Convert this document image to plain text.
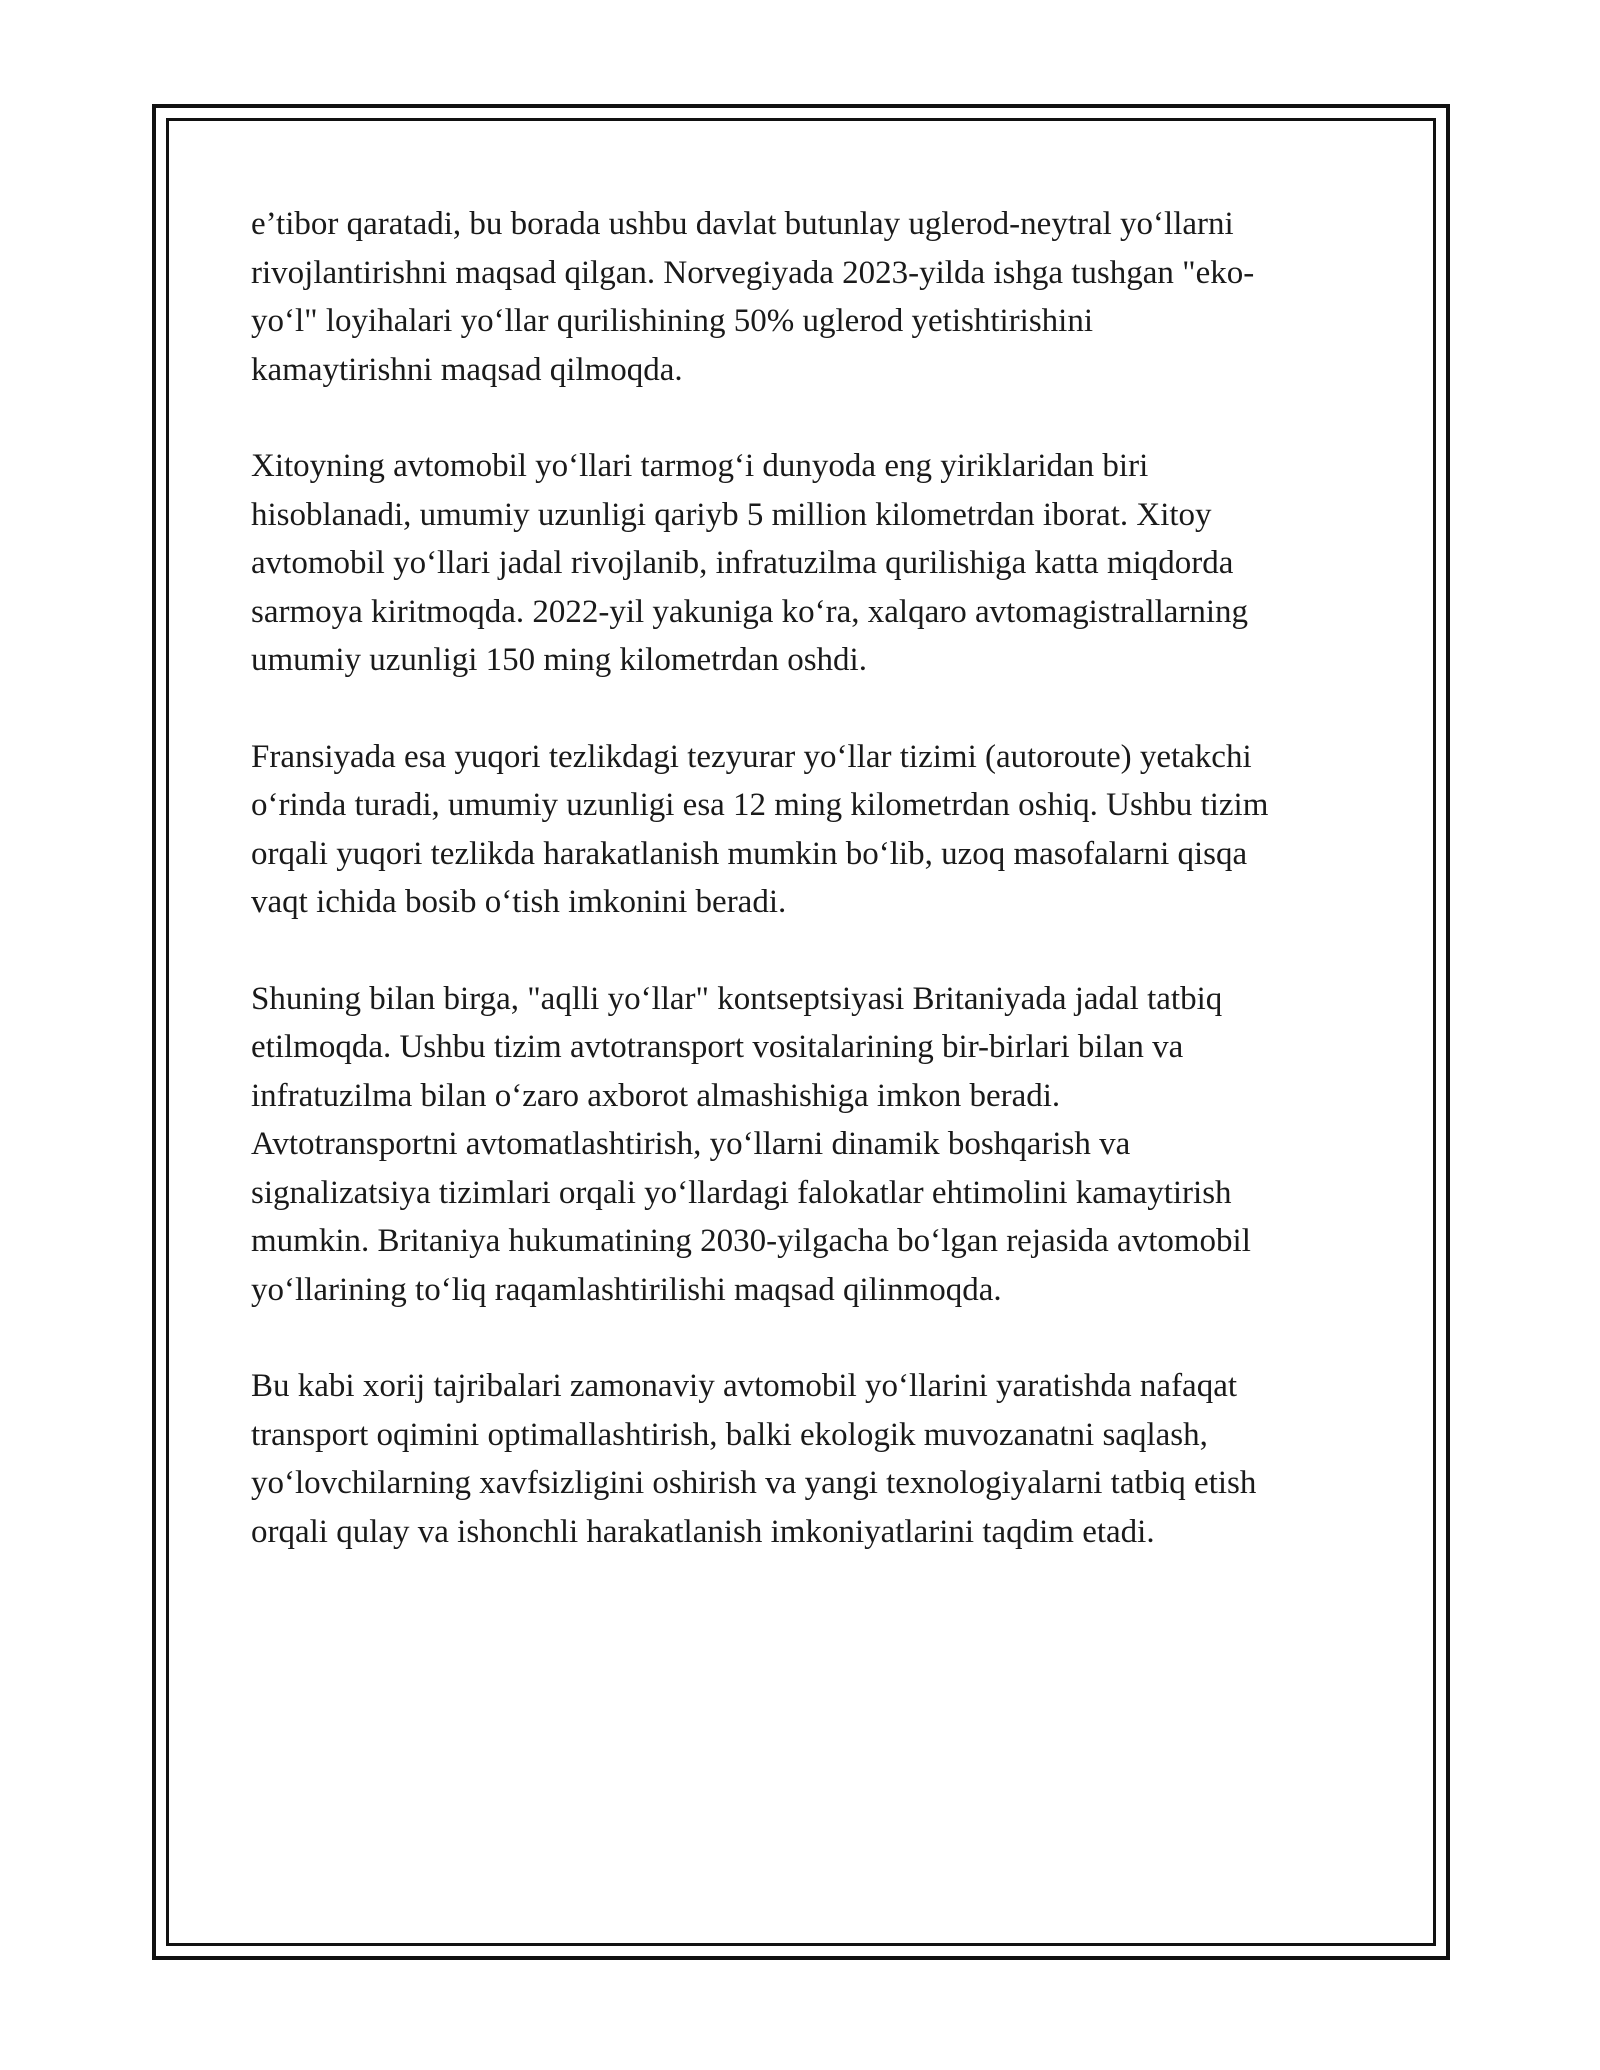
e’tibor qaratadi, bu borada ushbu davlat butunlay uglerod-neytral yo‘llarni
rivojlantirishni maqsad qilgan. Norvegiyada 2023-yilda ishga tushgan "eko-
yo‘l" loyihalari yo‘llar qurilishining 50% uglerod yetishtirishini
kamaytirishni maqsad qilmoqda.

Xitoyning avtomobil yo‘llari tarmog‘i dunyoda eng yiriklaridan biri
hisoblanadi, umumiy uzunligi qariyb 5 million kilometrdan iborat. Xitoy
avtomobil yo‘llari jadal rivojlanib, infratuzilma qurilishiga katta miqdorda
sarmoya kiritmoqda. 2022-yil yakuniga ko‘ra, xalqaro avtomagistrallarning
umumiy uzunligi 150 ming kilometrdan oshdi.

Fransiyada esa yuqori tezlikdagi tezyurar yo‘llar tizimi (autoroute) yetakchi
o‘rinda turadi, umumiy uzunligi esa 12 ming kilometrdan oshiq. Ushbu tizim
orqali yuqori tezlikda harakatlanish mumkin bo‘lib, uzoq masofalarni qisqa
vaqt ichida bosib o‘tish imkonini beradi.

Shuning bilan birga, "aqlli yo‘llar" kontseptsiyasi Britaniyada jadal tatbiq
etilmoqda. Ushbu tizim avtotransport vositalarining bir-birlari bilan va
infratuzilma bilan o‘zaro axborot almashishiga imkon beradi.
Avtotransportni avtomatlashtirish, yo‘llarni dinamik boshqarish va
signalizatsiya tizimlari orqali yo‘llardagi falokatlar ehtimolini kamaytirish
mumkin. Britaniya hukumatining 2030-yilgacha bo‘lgan rejasida avtomobil
yo‘llarining to‘liq raqamlashtirilishi maqsad qilinmoqda.

Bu kabi xorij tajribalari zamonaviy avtomobil yo‘llarini yaratishda nafaqat
transport oqimini optimallashtirish, balki ekologik muvozanatni saqlash,
yo‘lovchilarning xavfsizligini oshirish va yangi texnologiyalarni tatbiq etish
orqali qulay va ishonchli harakatlanish imkoniyatlarini taqdim etadi.
